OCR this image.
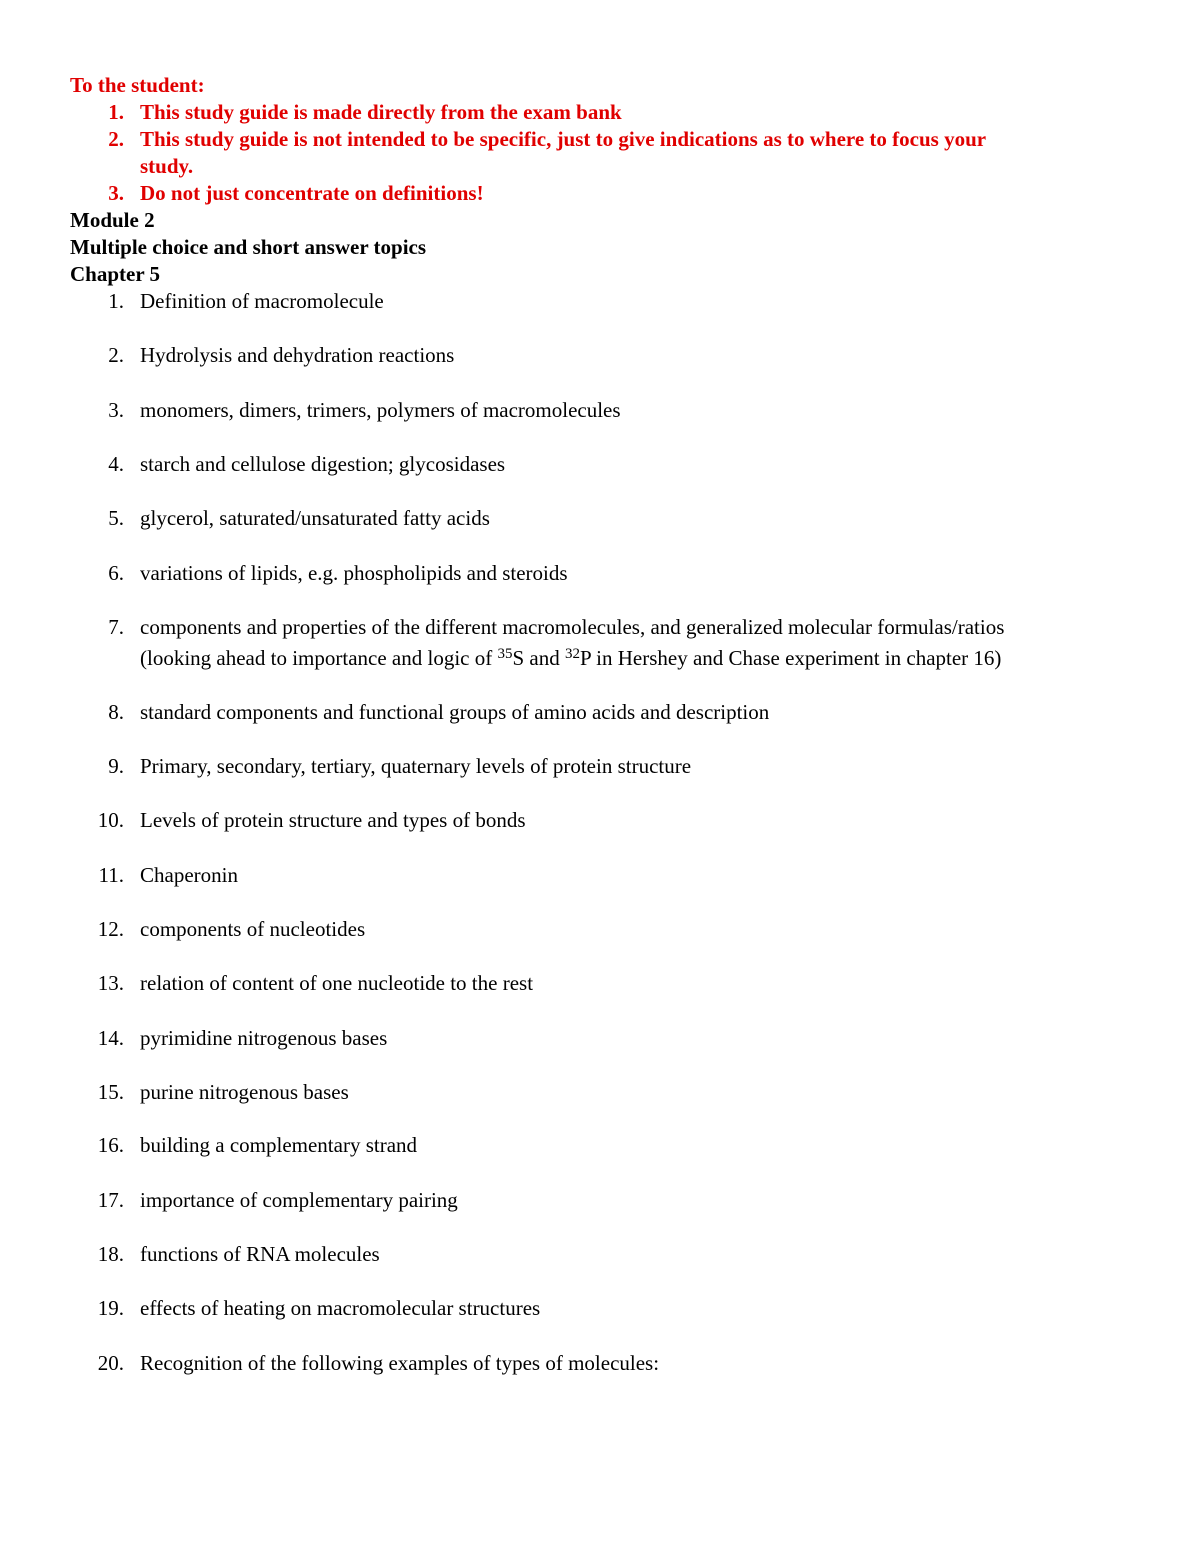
To the student:
1. This study guide is made directly from the exam bank
2. This study guide is not intended to be specific, just to give indications as to where to focus your
study.
3. Do not just concentrate on definitions!
Module 2
Multiple choice and short answer topics
Chapter 5
1. Definition of macromolecule
2. Hydrolysis and dehydration reactions
3. monomers, dimers, trimers, polymers of macromolecules
4. starch and cellulose digestion; glycosidases
5. glycerol, saturated/unsaturated fatty acids
6. variations of lipids, e.g. phospholipids and steroids
7. components and properties of the different macromolecules, and generalized molecular formulas/ratios
(looking ahead to importance and logic of $^{35}$S and $^{32}$P in Hershey and Chase experiment in chapter 16)
8. standard components and functional groups of amino acids and description
9. Primary, secondary, tertiary, quaternary levels of protein structure
10. Levels of protein structure and types of bonds
11. Chaperonin
12. components of nucleotides
13. relation of content of one nucleotide to the rest
14. pyrimidine nitrogenous bases
15. purine nitrogenous bases
16. building a complementary strand
17. importance of complementary pairing
18. functions of RNA molecules
19. effects of heating on macromolecular structures
20. Recognition of the following examples of types of molecules:
